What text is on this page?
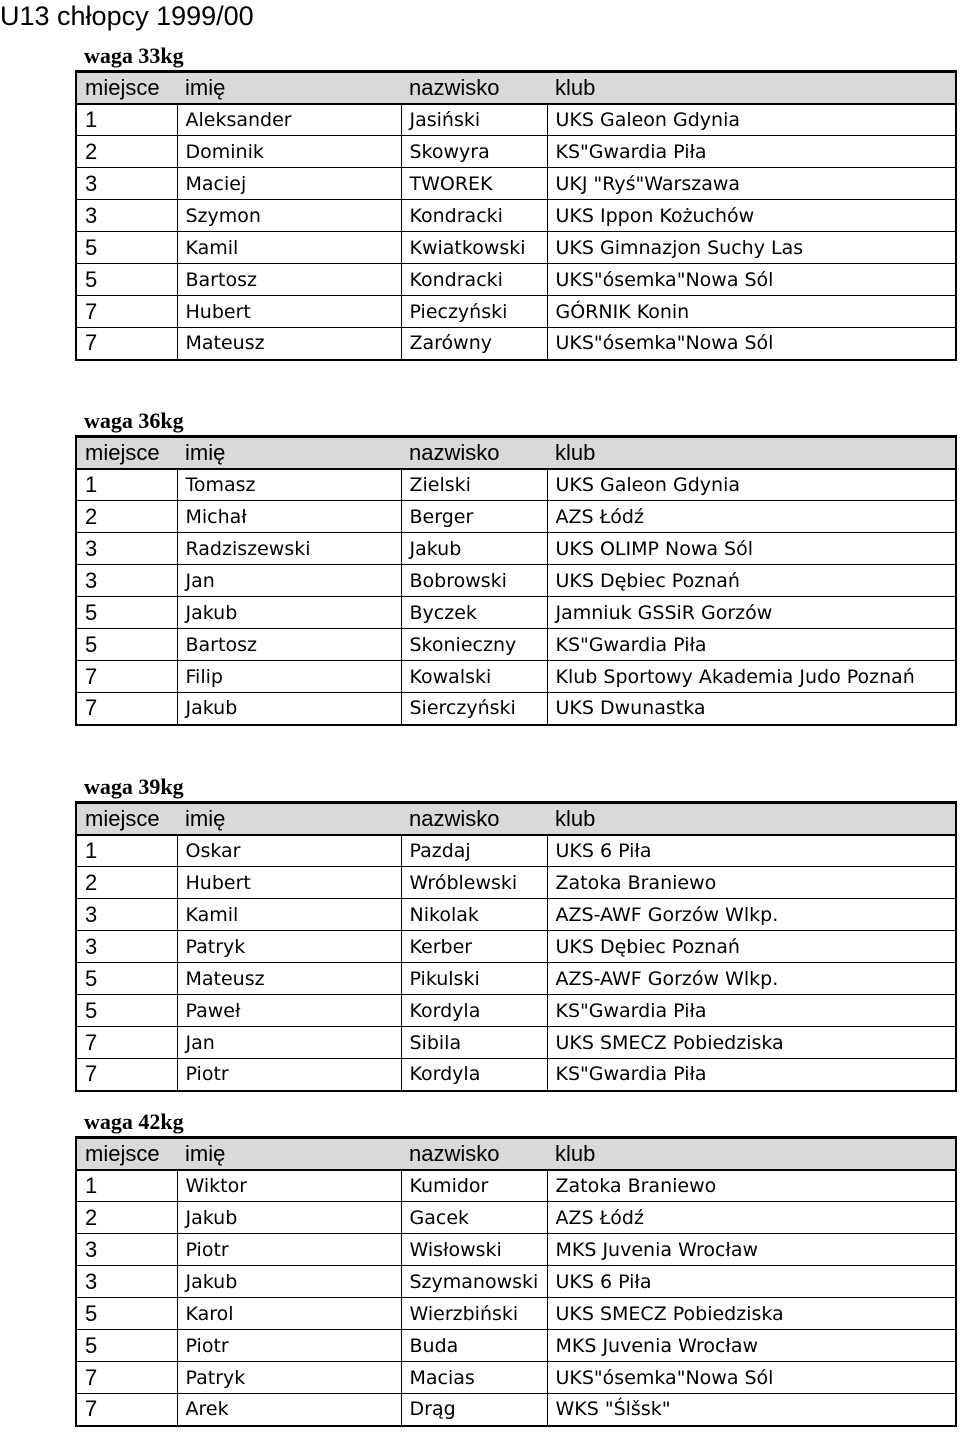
U13 chłopcy 1999/00
waga 33kg
miejsce	imię	nazwisko	klub
1	Aleksander	Jasiński	UKS Galeon Gdynia
2	Dominik	Skowyra	KS"Gwardia Piła
3	Maciej	TWOREK	UKJ "Ryś"Warszawa
3	Szymon	Kondracki	UKS Ippon Kożuchów
5	Kamil	Kwiatkowski	UKS Gimnazjon Suchy Las
5	Bartosz	Kondracki	UKS"ósemka"Nowa Sól
7	Hubert	Pieczyński	GÓRNIK Konin
7	Mateusz	Zarówny	UKS"ósemka"Nowa Sól
waga 36kg
miejsce	imię	nazwisko	klub
1	Tomasz	Zielski	UKS Galeon Gdynia
2	Michał	Berger	AZS Łódź
3	Radziszewski	Jakub	UKS OLIMP Nowa Sól
3	Jan	Bobrowski	UKS Dębiec Poznań
5	Jakub	Byczek	Jamniuk GSSiR Gorzów
5	Bartosz	Skonieczny	KS"Gwardia Piła
7	Filip	Kowalski	Klub Sportowy Akademia Judo Poznań
7	Jakub	Sierczyński	UKS Dwunastka
waga 39kg
miejsce	imię	nazwisko	klub
1	Oskar	Pazdaj	UKS 6 Piła
2	Hubert	Wróblewski	Zatoka Braniewo
3	Kamil	Nikolak	AZS-AWF Gorzów Wlkp.
3	Patryk	Kerber	UKS Dębiec Poznań
5	Mateusz	Pikulski	AZS-AWF Gorzów Wlkp.
5	Paweł	Kordyla	KS"Gwardia Piła
7	Jan	Sibila	UKS SMECZ Pobiedziska
7	Piotr	Kordyla	KS"Gwardia Piła
waga 42kg
miejsce	imię	nazwisko	klub
1	Wiktor	Kumidor	Zatoka Braniewo
2	Jakub	Gacek	AZS Łódź
3	Piotr	Wisłowski	MKS Juvenia Wrocław
3	Jakub	Szymanowski	UKS 6 Piła
5	Karol	Wierzbiński	UKS SMECZ Pobiedziska
5	Piotr	Buda	MKS Juvenia Wrocław
7	Patryk	Macias	UKS"ósemka"Nowa Sól
7	Arek	Drąg	WKS "Ślšsk"
